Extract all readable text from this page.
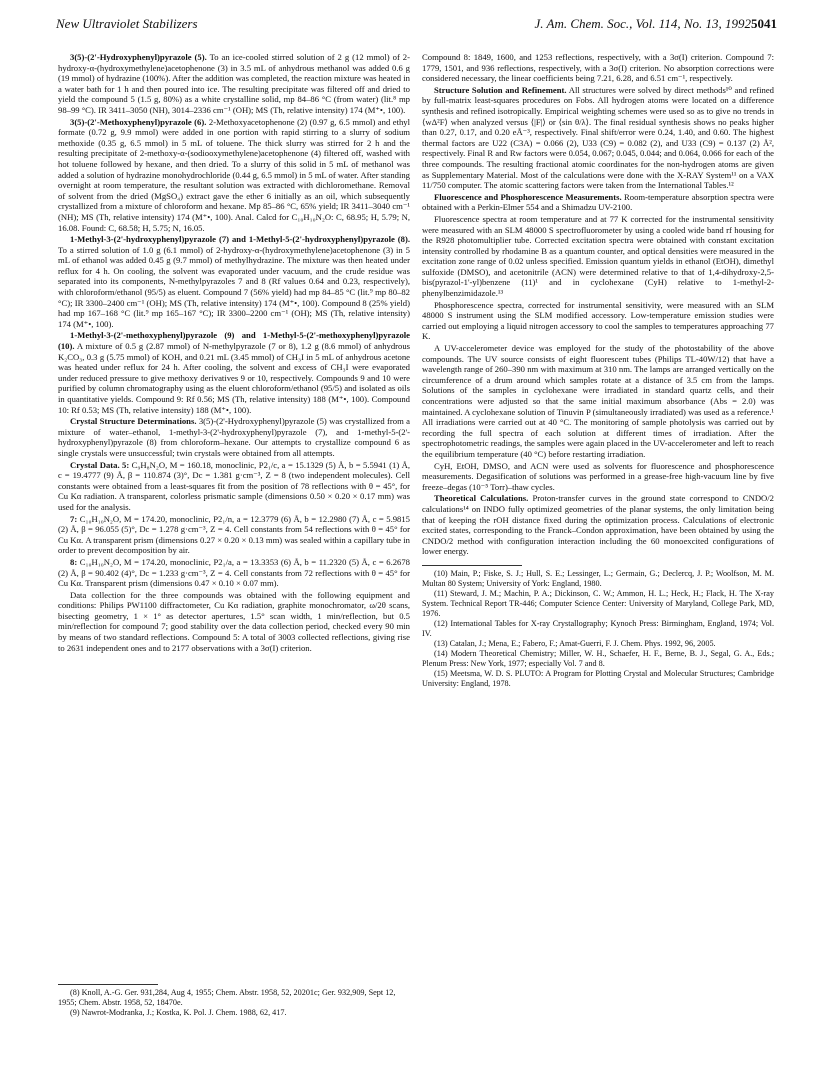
New Ultraviolet Stabilizers	J. Am. Chem. Soc., Vol. 114, No. 13, 1992 5041

3(5)-(2'-Hydroxyphenyl)pyrazole (5). To an ice-cooled stirred solution of 2 g (12 mmol) of 2-hydroxy-α-(hydroxymethylene)acetophenone (3) in 3.5 mL of anhydrous methanol was added 0.6 g (19 mmol) of hydrazine (100%). After the addition was completed, the reaction mixture was heated in a water bath for 1 h and then poured into ice. The resulting precipitate was filtered off and dried to yield the compound 5 (1.5 g, 80%) as a white crystalline solid, mp 84–86 °C (from water) (lit.⁸ mp 98–99 °C). IR 3411–3050 (NH), 3014–2336 cm⁻¹ (OH); MS (Th, relative intensity) 174 (M⁺•, 100).

3(5)-(2'-Methoxyphenyl)pyrazole (6). 2-Methoxyacetophenone (2) (0.97 g, 6.5 mmol) and ethyl formate (0.72 g, 9.9 mmol) were added in one portion with rapid stirring to a slurry of sodium methoxide (0.35 g, 6.5 mmol) in 5 mL of toluene. The thick slurry was stirred for 2 h and the resulting precipitate of 2-methoxy-α-(sodiooxymethylene)acetophenone (4) filtered off, washed with hot toluene followed by hexane, and then dried. To a slurry of this solid in 5 mL of methanol was added a solution of hydrazine monohydrochloride (0.44 g, 6.5 mmol) in 5 mL of water. After standing overnight at room temperature, the resultant solution was extracted with dichloromethane. Removal of solvent from the dried (MgSO₄) extract gave the ether 6 initially as an oil, which subsequently crystallized from a mixture of chloroform and hexane. Mp 85–86 °C, 65% yield; IR 3411–3040 cm⁻¹ (NH); MS (Th, relative intensity) 174 (M⁺•, 100). Anal. Calcd for C₁₀H₁₀N₂O: C, 68.95; H, 5.79; N, 16.08. Found: C, 68.58; H, 5.75; N, 16.05.

1-Methyl-3-(2'-hydroxyphenyl)pyrazole (7) and 1-Methyl-5-(2'-hydroxyphenyl)pyrazole (8). To a stirred solution of 1.0 g (6.1 mmol) of 2-hydroxy-α-(hydroxymethylene)acetophenone (3) in 5 mL of ethanol was added 0.45 g (9.7 mmol) of methylhydrazine. The mixture was then heated under reflux for 4 h. On cooling, the solvent was evaporated under vacuum, and the crude residue was separated into its components, N-methylpyrazoles 7 and 8 (Rf values 0.64 and 0.23, respectively), with chloroform/ethanol (95/5) as eluent. Compound 7 (56% yield) had mp 84–85 °C (lit.⁹ mp 80–82 °C); IR 3300–2400 cm⁻¹ (OH); MS (Th, relative intensity) 174 (M⁺•, 100). Compound 8 (25% yield) had mp 167–168 °C (lit.⁹ mp 165–167 °C); IR 3300–2200 cm⁻¹ (OH); MS (Th, relative intensity) 174 (M⁺•, 100).

1-Methyl-3-(2'-methoxyphenyl)pyrazole (9) and 1-Methyl-5-(2'-methoxyphenyl)pyrazole (10). A mixture of 0.5 g (2.87 mmol) of N-methylpyrazole (7 or 8), 1.2 g (8.6 mmol) of anhydrous K₂CO₃, 0.3 g (5.75 mmol) of KOH, and 0.21 mL (3.45 mmol) of CH₃I in 5 mL of anhydrous acetone was heated under reflux for 24 h. After cooling, the solvent and excess of CH₃I were evaporated under reduced pressure to give methoxy derivatives 9 or 10, respectively. Compounds 9 and 10 were purified by column chromatography using as the eluent chloroform/ethanol (95/5) and isolated as oils in quantitative yields. Compound 9: Rf 0.56; MS (Th, relative intensity) 188 (M⁺•, 100). Compound 10: Rf 0.53; MS (Th, relative intensity) 188 (M⁺•, 100).

Crystal Structure Determinations. 3(5)-(2'-Hydroxyphenyl)pyrazole (5) was crystallized from a mixture of water–ethanol, 1-methyl-3-(2'-hydroxyphenyl)pyrazole (7), and 1-methyl-5-(2'-hydroxyphenyl)pyrazole (8) from chloroform–hexane. Our attempts to crystallize compound 6 as single crystals were unsuccessful; twin crystals were obtained from all attempts.

Crystal Data. 5: C₉H₈N₂O, M = 160.18, monoclinic, P2₁/c, a = 15.1329 (5) Å, b = 5.5941 (1) Å, c = 19.4777 (9) Å, β = 110.874 (3)°, Dc = 1.381 g·cm⁻³, Z = 8 (two independent molecules). Cell constants were obtained from a least-squares fit from the position of 78 reflections with θ = 45°, for Cu Kα radiation. A transparent, colorless prismatic sample (dimensions 0.50 × 0.20 × 0.17 mm) was used for the analysis.

7: C₁₀H₁₀N₂O, M = 174.20, monoclinic, P2₁/n, a = 12.3779 (6) Å, b = 12.2980 (7) Å, c = 5.9815 (2) Å, β = 96.055 (5)°, Dc = 1.278 g·cm⁻³, Z = 4. Cell constants from 54 reflections with θ = 45° for Cu Kα. A transparent prism (dimensions 0.27 × 0.20 × 0.13 mm) was sealed within a capillary tube in order to prevent decomposition by air.

8: C₁₀H₁₀N₂O, M = 174.20, monoclinic, P2₁/a, a = 13.3353 (6) Å, b = 11.2320 (5) Å, c = 6.2678 (2) Å, β = 90.402 (4)°, Dc = 1.233 g·cm⁻³, Z = 4. Cell constants from 72 reflections with θ = 45° for Cu Kα. Transparent prism (dimensions 0.47 × 0.10 × 0.07 mm).

Data collection for the three compounds was obtained with the following equipment and conditions: Philips PW1100 diffractometer, Cu Kα radiation, graphite monochromator, ω/2θ scans, bisecting geometry, 1 × 1° as detector apertures, 1.5° scan width, 1 min/reflection, but 0.5 min/reflection for compound 7; good stability over the data collection period, checked every 90 min by means of two standard reflections. Compound 5: A total of 3003 collected reflections, giving rise to 2631 independent ones and to 2177 observations with a 3σ(I) criterion.

Compound 8: 1849, 1600, and 1253 reflections, respectively, with a 3σ(I) criterion. Compound 7: 1779, 1501, and 936 reflections, respectively, with a 3σ(I) criterion. No absorption corrections were considered necessary, the linear coefficients being 7.21, 6.28, and 6.51 cm⁻¹, respectively.

Structure Solution and Refinement. All structures were solved by direct methods¹⁰ and refined by full-matrix least-squares procedures on Fobs. All hydrogen atoms were located on a difference synthesis and refined isotropically. Empirical weighting schemes were used so as to give no trends in ⟨wΔ²F⟩ when analyzed versus ⟨|F|⟩ or ⟨sin θ/λ⟩. The final residual synthesis shows no peaks higher than 0.27, 0.17, and 0.20 eÅ⁻³, respectively. Final shift/error were 0.24, 1.40, and 0.60. The highest thermal factors are U22 (C3A) = 0.066 (2), U33 (C9) = 0.082 (2), and U33 (C9) = 0.137 (2) Å², respectively. Final R and Rw factors were 0.054, 0.067; 0.045, 0.044; and 0.064, 0.066 for each of the three compounds. The resulting fractional atomic coordinates for the non-hydrogen atoms are given as Supplementary Material. Most of the calculations were done with the X-RAY System¹¹ on a VAX 11/750 computer. The atomic scattering factors were taken from the International Tables.¹²

Fluorescence and Phosphorescence Measurements. Room-temperature absorption spectra were obtained with a Perkin-Elmer 554 and a Shimadzu UV-2100.

Fluorescence spectra at room temperature and at 77 K corrected for the instrumental sensitivity were measured with an SLM 48000 S spectrofluorometer by using a cooled wide band rf housing for the R928 photomultiplier tube. Corrected excitation spectra were obtained with constant excitation intensity controlled by rhodamine B as a quantum counter, and optical densities were measured in the excitation zone range of 0.02 unless specified. Emission quantum yields in ethanol (EtOH), dimethyl sulfoxide (DMSO), and acetonitrile (ACN) were determined relative to that of 1,4-dihydroxy-2,5-bis(pyrazol-1'-yl)benzene (11)¹ and in cyclohexane (CyH) relative to 1-methyl-2-phenylbenzimidazole.¹³

Phosphorescence spectra, corrected for instrumental sensitivity, were measured with an SLM 48000 S instrument using the SLM modified accessory. Low-temperature emission studies were carried out employing a liquid nitrogen accessory to cool the samples to temperatures approaching 77 K.

A UV-accelerometer device was employed for the study of the photostability of the above compounds. The UV source consists of eight fluorescent tubes (Philips TL-40W/12) that have a wavelength range of 260–390 nm with maximum at 310 nm. The lamps are arranged vertically on the circumference of a drum around which samples rotate at a distance of 3.5 cm from the lamps. Solutions of the samples in cyclohexane were irradiated in standard quartz cells, and their concentrations were adjusted so that the same initial maximum absorbance (Abs = 2.0) was maintained. A cyclohexane solution of Tinuvin P (simultaneously irradiated) was used as a reference.¹ All irradiations were carried out at 40 °C. The monitoring of sample photolysis was carried out by recording the full spectra of each solution at different times of irradiation. After the spectrophotometric readings, the samples were again placed in the UV-accelerometer and left to reach the equilibrium temperature (40 °C) before restarting irradiation.

CyH, EtOH, DMSO, and ACN were used as solvents for fluorescence and phosphorescence measurements. Degasification of solutions was performed in a grease-free high-vacuum line by five freeze–degas (10⁻⁵ Torr)–thaw cycles.

Theoretical Calculations. Proton-transfer curves in the ground state correspond to CNDO/2 calculations¹⁴ on INDO fully optimized geometries of the planar systems, the only limitation being that of keeping the rOH distance fixed during the optimization process. Calculations of electronic excited states, corresponding to the Franck–Condon approximation, have been obtained by using the CNDO/2 method with configuration interaction including the 60 monoexcited configurations of lower energy.

(10) Main, P.; Fiske, S. J.; Hull, S. E.; Lessinger, L.; Germain, G.; Declercq, J. P.; Woolfson, M. M. Multan 80 System; University of York: England, 1980.

(11) Steward, J. M.; Machin, P. A.; Dickinson, C. W.; Ammon, H. L.; Heck, H.; Flack, H. The X-ray System. Technical Report TR-446; Computer Science Center: University of Maryland, College Park, MD, 1976.

(12) International Tables for X-ray Crystallography; Kynoch Press: Birmingham, England, 1974; Vol. IV.

(13) Catalan, J.; Mena, E.; Fabero, F.; Amat-Guerri, F. J. Chem. Phys. 1992, 96, 2005.

(14) Modern Theoretical Chemistry; Miller, W. H., Schaefer, H. F., Berne, B. J., Segal, G. A., Eds.; Plenum Press: New York, 1977; especially Vol. 7 and 8.

(15) Meetsma, W. D. S. PLUTO: A Program for Plotting Crystal and Molecular Structures; Cambridge University: England, 1978.

(8) Knoll, A.-G. Ger. 931,284, Aug 4, 1955; Chem. Abstr. 1958, 52, 20201c; Ger. 932,909, Sept 12, 1955; Chem. Abstr. 1958, 52, 18470e.

(9) Nawrot-Modranka, J.; Kostka, K. Pol. J. Chem. 1988, 62, 417.
